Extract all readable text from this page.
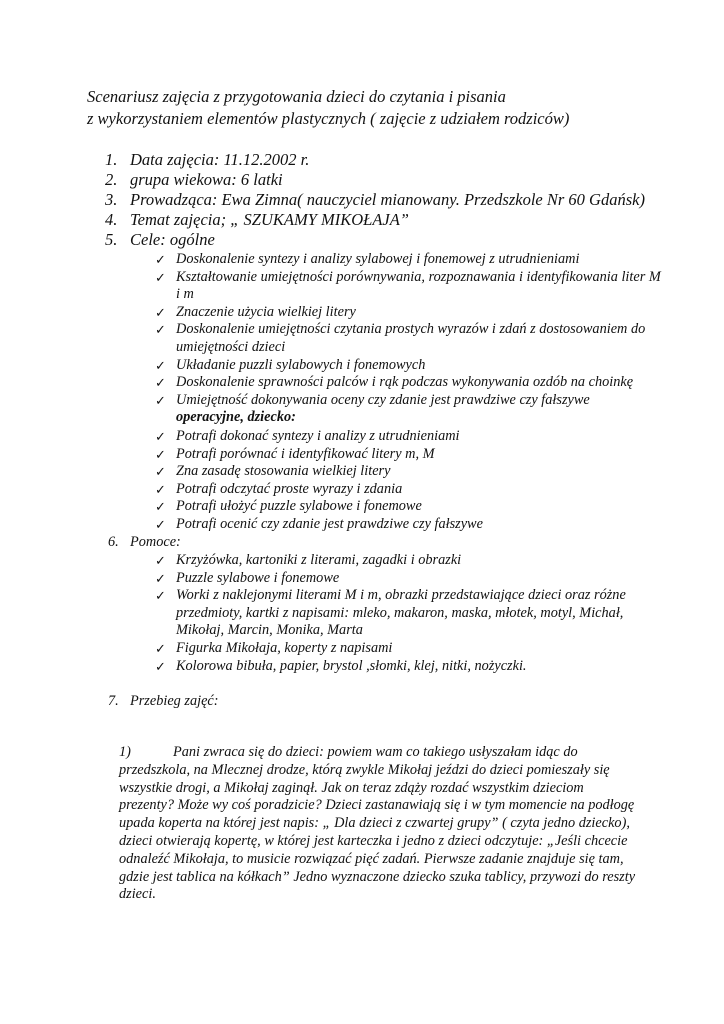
Scenariusz zajęcia z przygotowania dzieci do czytania i pisania
z wykorzystaniem elementów plastycznych ( zajęcie z udziałem rodziców)
1. Data zajęcia: 11.12.2002 r.
2. grupa wiekowa: 6 latki
3. Prowadząca: Ewa Zimna( nauczyciel mianowany. Przedszkole Nr 60 Gdańsk)
4. Temat zajęcia; „ SZUKAMY MIKOŁAJA”
5. Cele: ogólne
✓ Doskonalenie syntezy i analizy sylabowej i fonemowej z utrudnieniami
✓ Kształtowanie umiejętności porównywania, rozpoznawania i identyfikowania liter M i m
✓ Znaczenie użycia wielkiej litery
✓ Doskonalenie umiejętności czytania prostych wyrazów i zdań z dostosowaniem do umiejętności dzieci
✓ Układanie puzzli sylabowych i fonemowych
✓ Doskonalenie sprawności palców i rąk podczas wykonywania ozdób na choinkę
✓ Umiejętność dokonywania oceny czy zdanie jest prawdziwe czy fałszywe
operacyjne, dziecko:
✓ Potrafi dokonać syntezy i analizy z utrudnieniami
✓ Potrafi porównać i identyfikować litery m, M
✓ Zna zasadę stosowania wielkiej litery
✓ Potrafi odczytać proste wyrazy i zdania
✓ Potrafi ułożyć puzzle sylabowe i fonemowe
✓ Potrafi ocenić czy zdanie jest prawdziwe czy fałszywe
6. Pomoce:
✓ Krzyżówka, kartoniki z literami, zagadki i obrazki
✓ Puzzle sylabowe i fonemowe
✓ Worki z naklejonymi literami M i m, obrazki przedstawiające dzieci oraz różne przedmioty, kartki z napisami: mleko, makaron, maska, młotek, motyl, Michał, Mikołaj, Marcin, Monika, Marta
✓ Figurka Mikołaja, koperty z napisami
✓ Kolorowa bibuła, papier, brystol ,słomki, klej, nitki, nożyczki.
7. Przebieg zajęć:
1)	Pani zwraca się do dzieci: powiem wam co takiego usłyszałam idąc do przedszkola, na Mlecznej drodze, którą zwykle Mikołaj jeździ do dzieci pomieszały się wszystkie drogi, a Mikołaj zaginął. Jak on teraz zdąży rozdać wszystkim dzieciom prezenty? Może wy coś poradzicie? Dzieci zastanawiają się i w tym momencie na podłogę upada koperta na której jest napis: „ Dla dzieci z czwartej grupy” ( czyta jedno dziecko), dzieci otwierają kopertę, w której jest karteczka i jedno z dzieci odczytuje: „Jeśli chcecie odnaleźć Mikołaja, to musicie rozwiązać pięć zadań. Pierwsze zadanie znajduje się tam, gdzie jest tablica na kółkach” Jedno wyznaczone dziecko szuka tablicy, przywozi do reszty dzieci.
